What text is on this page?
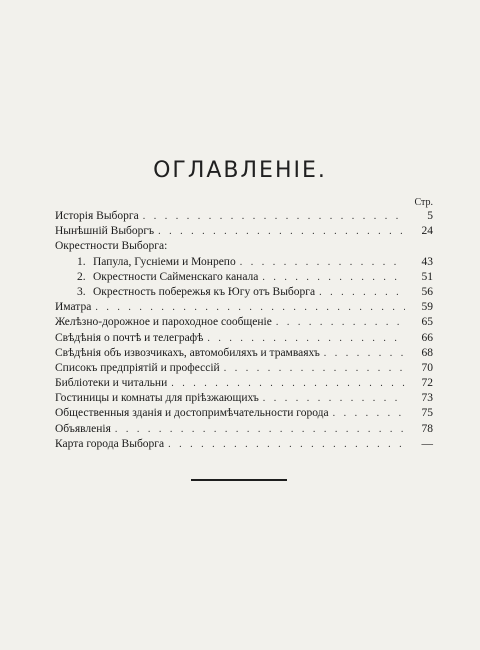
ОГЛАВЛЕНІЕ.
Стр.
Исторія Выборга . . .	5
Нынѣшній Выборгъ . . .	24
Окрестности Выборга:
1. Папула, Гусніеми и Монрепо . . .	43
2. Окрестности Сайменскаго канала . . .	51
3. Окрестность побережья къ Югу отъ Выборга . . .	56
Иматра . . .	59
Желѣзно-дорожное и пароходное сообщеніе . . .	65
Свѣдѣнія о почтѣ и телеграфѣ . . .	66
Свѣдѣнія объ извозчикахъ, автомобиляхъ и трамваяхъ . . .	68
Списокъ предпріятій и профессій . . .	70
Библіотеки и читальни . . .	72
Гостиницы и комнаты для пріѣзжающихъ . . .	73
Общественныя зданія и достопримѣчательности города . . .	75
Объявленія . . .	78
Карта города Выборга . . .	—
